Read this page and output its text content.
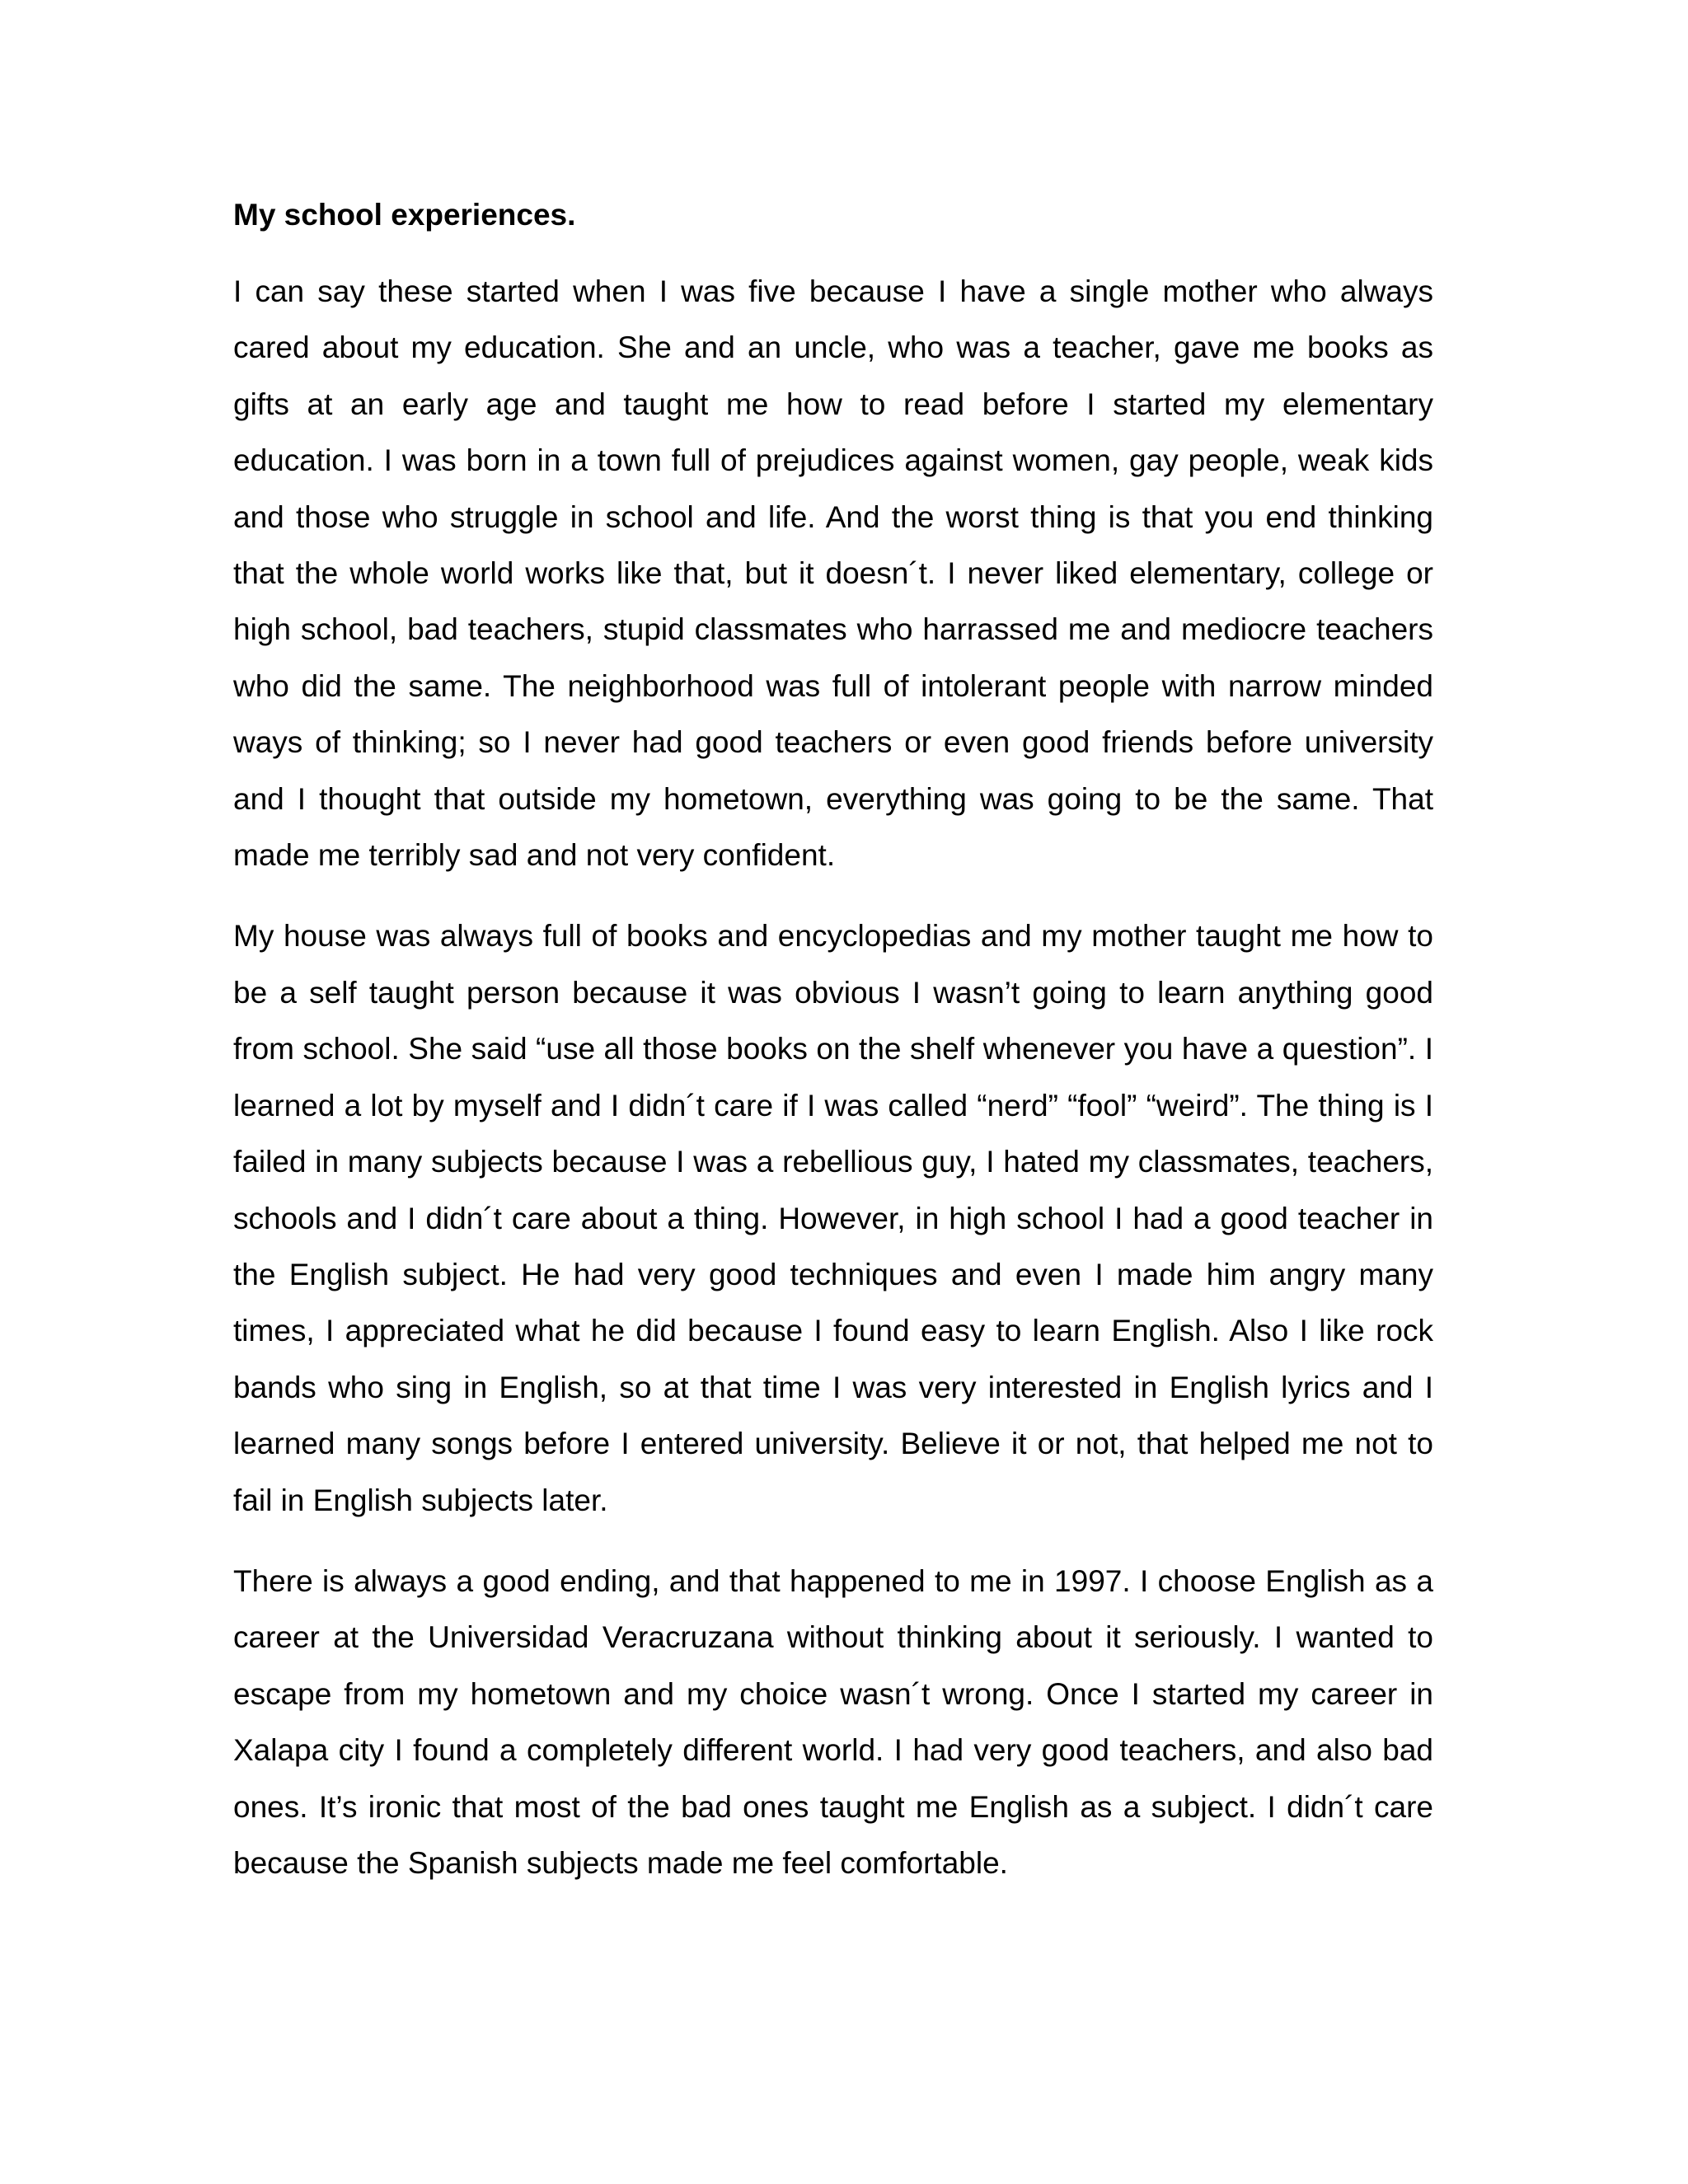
My school experiences.

I can say these started when I was five because I have a single mother who always cared about my education. She and an uncle, who was a teacher, gave me books as gifts at an early age and taught me how to read before I started my elementary education. I was born in a town full of prejudices against women, gay people, weak kids and those who struggle in school and life. And the worst thing is that you end thinking that the whole world works like that, but it doesn´t. I never liked elementary, college or high school, bad teachers, stupid classmates who harrassed me and mediocre teachers who did the same. The neighborhood was full of intolerant people with narrow minded ways of thinking; so I never had good teachers or even good friends before university and I thought that outside my hometown, everything was going to be the same. That made me terribly sad and not very confident.

My house was always full of books and encyclopedias and my mother taught me how to be a self taught person because it was obvious I wasn’t going to learn anything good from school. She said “use all those books on the shelf whenever you have a question”. I learned a lot by myself and I didn´t care if I was called “nerd” “fool” “weird”. The thing is I failed in many subjects because I was a rebellious guy, I hated my classmates, teachers, schools and I didn´t care about a thing. However, in high school I had a good teacher in the English subject. He had very good techniques and even I made him angry many times, I appreciated what he did because I found easy to learn English. Also I like rock bands who sing in English, so at that time I was very interested in English lyrics and I learned many songs before I entered university. Believe it or not, that helped me not to fail in English subjects later.

There is always a good ending, and that happened to me in 1997. I choose English as a career at the Universidad Veracruzana without thinking about it seriously. I wanted to escape from my hometown and my choice wasn´t wrong. Once I started my career in Xalapa city I found a completely different world. I had very good teachers, and also bad ones. It’s ironic that most of the bad ones taught me English as a subject. I didn´t care because the Spanish subjects made me feel comfortable.
